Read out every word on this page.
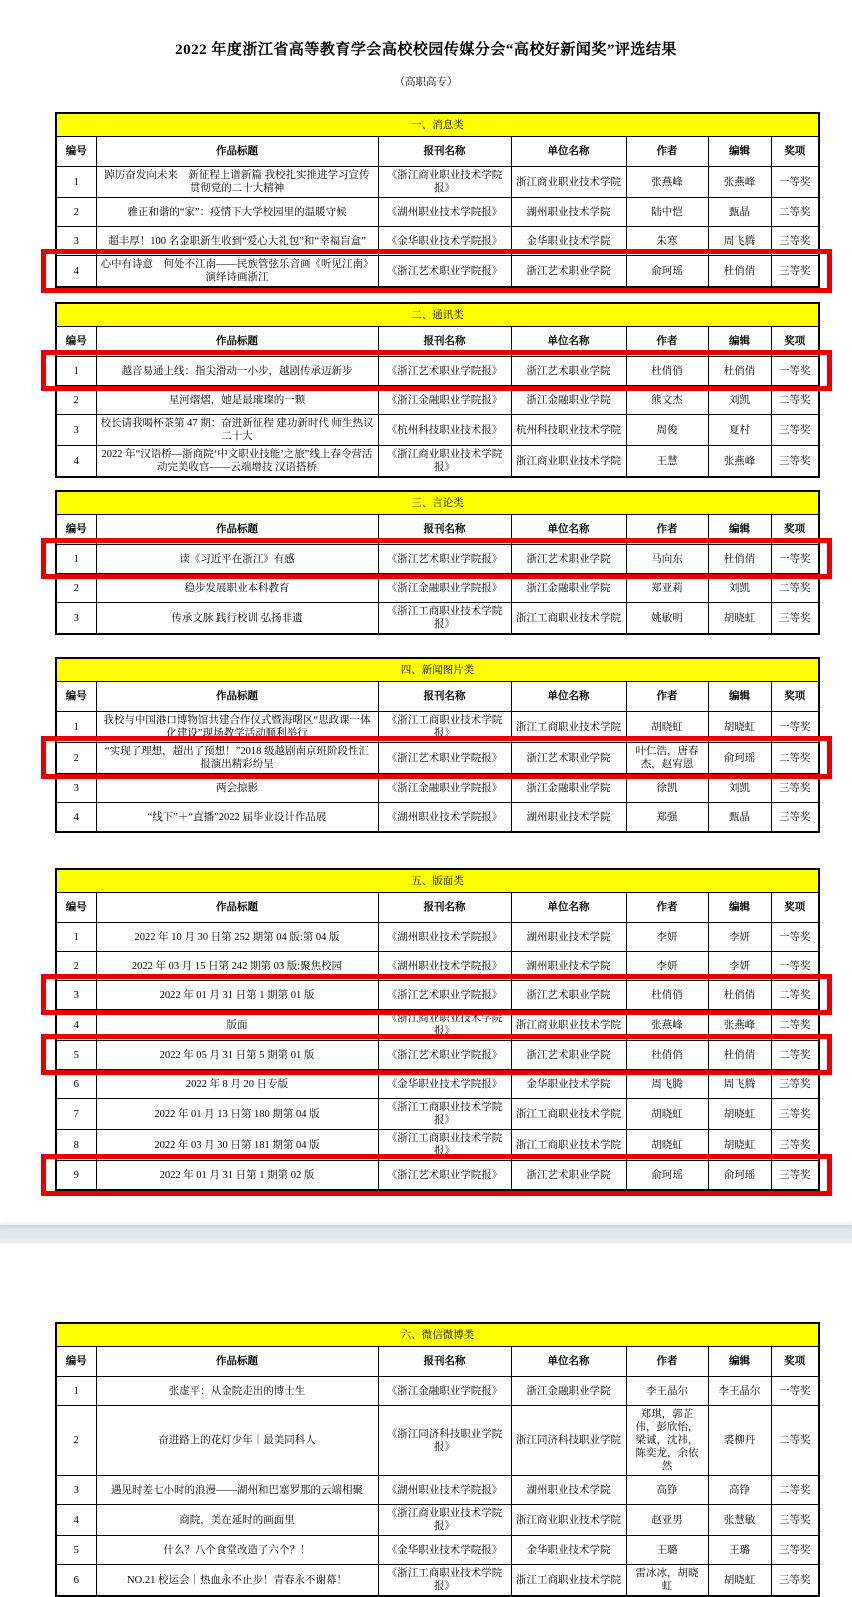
2022 年度浙江省高等教育学会高校校园传媒分会“高校好新闻奖”评选结果

（高职高专）

一、消息类						
编号	作品标题	报刊名称	单位名称	作者	编辑	奖项
1	踔厉奋发向未来　新征程上谱新篇 我校扎实推进学习宣传贯彻党的二十大精神	《浙江商业职业技术学院报》	浙江商业职业技术学院	张燕峰	张燕峰	一等奖
2	雅正和谐的“家”：疫情下大学校园里的温暖守候	《湖州职业技术学院报》	湖州职业技术学院	陆中恺	甄晶	二等奖
3	超丰厚！100 名金职新生收到“爱心大礼包”和“幸福盲盒”	《金华职业技术学院报》	金华职业技术学院	朱寒	周飞腾	三等奖
4	心中有诗意　何处不江南——民族管弦乐音画《听见江南》演绎诗画浙江	《浙江艺术职业学院报》	浙江艺术职业学院	俞珂瑶	杜俏俏	三等奖
二、通讯类						
编号	作品标题	报刊名称	单位名称	作者	编辑	奖项
1	越音易通上线：指尖滑动一小步，越剧传承迈新步	《浙江艺术职业学院报》	浙江艺术职业学院	杜俏俏	杜俏俏	一等奖
2	星河熠熠，她是最璀璨的一颗	《浙江金融职业学院报》	浙江金融职业学院	熊文杰	刘凯	二等奖
3	校长请我喝杯茶第 47 期：奋进新征程 建功新时代 师生热议二十大	《杭州科技职业技术报》	杭州科技职业技术学院	周俊	夏村	三等奖
4	2022 年“汉语桥—浙商院‘中文职业技能’之旅”线上春令营活动完美收官——云端增技 汉语搭桥	《浙江商业职业技术学院报》	浙江商业职业技术学院	王慧	张燕峰	三等奖
三、言论类						
编号	作品标题	报刊名称	单位名称	作者	编辑	奖项
1	读《习近平在浙江》有感	《浙江艺术职业学院报》	浙江艺术职业学院	马向东	杜俏俏	一等奖
2	稳步发展职业本科教育	《浙江金融职业学院报》	浙江金融职业学院	郑亚莉	刘凯	二等奖
3	传承文脉 践行校训 弘扬非遗	《浙江工商职业技术学院报》	浙江工商职业技术学院	姚敏明	胡晓虹	三等奖
四、新闻图片类						
编号	作品标题	报刊名称	单位名称	作者	编辑	奖项
1	我校与中国港口博物馆共建合作仪式暨海曙区“思政课一体化建设”现场教学活动顺利举行	《浙江工商职业技术学院报》	浙江工商职业技术学院	胡晓虹	胡晓虹	一等奖
2	“实现了理想，超出了预想！”2018 级越剧南京班阶段性汇报演出精彩纷呈	《浙江艺术职业学院报》	浙江艺术职业学院	叶仁浩，唐春杰，赵宥恩	俞珂瑶	二等奖
3	两会掠影	《浙江金融职业学院报》	浙江金融职业学院	徐凯	刘凯	三等奖
4	“线下”＋“直播”2022 届毕业设计作品展	《湖州职业技术学院报》	湖州职业技术学院	郑强	甄晶	三等奖
五、版面类						
编号	作品标题	报刊名称	单位名称	作者	编辑	奖项
1	2022 年 10 月 30 日第 252 期第 04 版:第 04 版	《湖州职业技术学院报》	湖州职业技术学院	李妍	李妍	一等奖
2	2022 年 03 月 15 日第 242 期第 03 版:聚焦校园	《湖州职业技术学院报》	湖州职业技术学院	李妍	李妍	一等奖
3	2022 年 01 月 31 日第 1 期第 01 版	《浙江艺术职业学院报》	浙江艺术职业学院	杜俏俏	杜俏俏	二等奖
4	版面	《浙江商业职业技术学院报》	浙江商业职业技术学院	张燕峰	张燕峰	二等奖
5	2022 年 05 月 31 日第 5 期第 01 版	《浙江艺术职业学院报》	浙江艺术职业学院	杜俏俏	杜俏俏	二等奖
6	2022 年 8 月 20 日专版	《金华职业技术学院报》	金华职业技术学院	周飞腾	周飞腾	三等奖
7	2022 年 01 月 13 日第 180 期第 04 版	《浙江工商职业技术学院报》	浙江工商职业技术学院	胡晓虹	胡晓虹	三等奖
8	2022 年 03 月 30 日第 181 期第 04 版	《浙江工商职业技术学院报》	浙江工商职业技术学院	胡晓虹	胡晓虹	三等奖
9	2022 年 01 月 31 日第 1 期第 02 版	《浙江艺术职业学院报》	浙江艺术职业学院	俞珂瑶	俞珂瑶	三等奖
六、微信微博类						
编号	作品标题	报刊名称	单位名称	作者	编辑	奖项
1	张虚平：从金院走出的博士生	《浙江金融职业学院报》	浙江金融职业学院	李王晶尔	李王晶尔	一等奖
2	奋进路上的花灯少年｜最美同科人	《浙江同济科技职业学院报》	浙江同济科技职业学院	郑琪，郭芷伟，彭欣怡，梁诚，沈祎，陈奕龙，余依然	裘柳丹	二等奖
3	遇见时差七小时的浪漫——湖州和巴塞罗那的云端相聚	《湖州职业技术学院报》	湖州职业技术学院	高铮	高铮	二等奖
4	商院，美在延时的画面里	《浙江商业职业技术学院报》	浙江商业职业技术学院	赵亚男	张慧敏	三等奖
5	什么？八个食堂改造了六个？！	《金华职业技术学院报》	金华职业技术学院	王璐	王璐	三等奖
6	NO.21 校运会｜热血永不止步！青春永不谢幕！	《浙江工商职业技术学院报》	浙江工商职业技术学院	雷冰冰，胡晓虹	胡晓虹	三等奖
